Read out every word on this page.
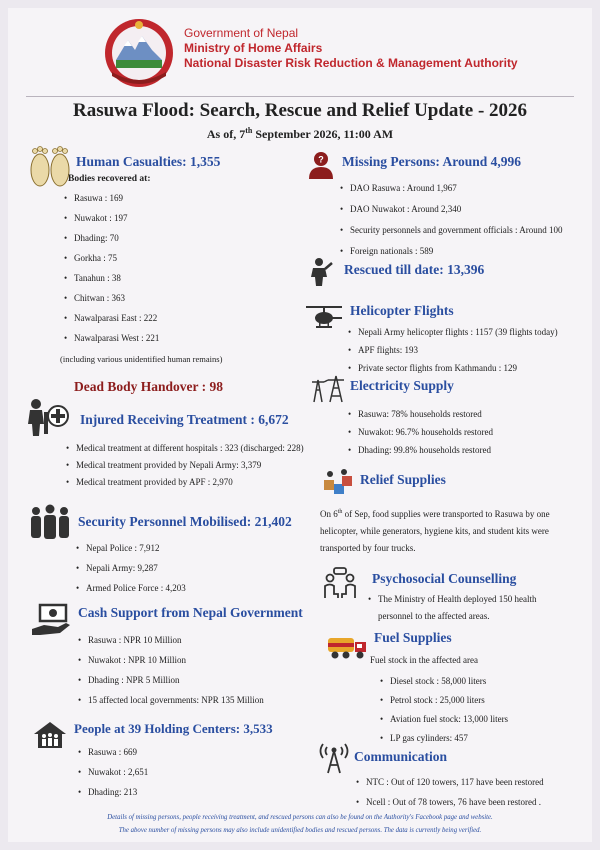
Government of Nepal
Ministry of Home Affairs
National Disaster Risk Reduction & Management Authority
Rasuwa Flood: Search, Rescue and Relief Update - 2026
As of, 7th September 2026, 11:00 AM
Human Casualties: 1,355
Bodies recovered at:
• Rasuwa : 169
• Nuwakot : 197
• Dhading: 70
• Gorkha : 75
• Tanahun : 38
• Chitwan : 363
• Nawalparasi East : 222
• Nawalparasi West : 221
(including various unidentified human remains)
Dead Body Handover : 98
Injured Receiving Treatment : 6,672
• Medical treatment at different hospitals : 323 (discharged: 228)
• Medical treatment provided by Nepali Army: 3,379
• Medical treatment provided by APF : 2,970
Security Personnel Mobilised: 21,402
• Nepal Police : 7,912
• Nepali Army: 9,287
• Armed Police Force : 4,203
Cash Support from Nepal Government
• Rasuwa : NPR 10 Million
• Nuwakot : NPR 10 Million
• Dhading : NPR 5 Million
• 15 affected local governments: NPR 135 Million
People at 39 Holding Centers: 3,533
• Rasuwa : 669
• Nuwakot : 2,651
• Dhading: 213
? Missing Persons: Around 4,996
• DAO Rasuwa : Around 1,967
• DAO Nuwakot : Around 2,340
• Security personnels and government officials : Around 100
• Foreign nationals : 589
Rescued till date: 13,396
Helicopter Flights
• Nepali Army helicopter flights : 1157 (39 flights today)
• APF flights: 193
• Private sector flights from Kathmandu : 129
Electricity Supply
• Rasuwa: 78% households restored
• Nuwakot: 96.7% households restored
• Dhading: 99.8% households restored
Relief Supplies
On 6th of Sep, food supplies were transported to Rasuwa by one
helicopter, while generators, hygiene kits, and student kits were
transported by four trucks.
Psychosocial Counselling
• The Ministry of Health deployed 150 health
personnel to the affected areas.
Fuel Supplies
Fuel stock in the affected area
• Diesel stock : 58,000 liters
• Petrol stock : 25,000 liters
• Aviation fuel stock: 13,000 liters
• LP gas cylinders: 457
Communication
• NTC : Out of 120 towers, 117 have been restored
• Ncell : Out of 78 towers, 76 have been restored .
Details of missing persons, people receiving treatment, and rescued persons can also be found on the Authority's Facebook page and website.
The above number of missing persons may also include unidentified bodies and rescued persons. The data is currently being verified.
